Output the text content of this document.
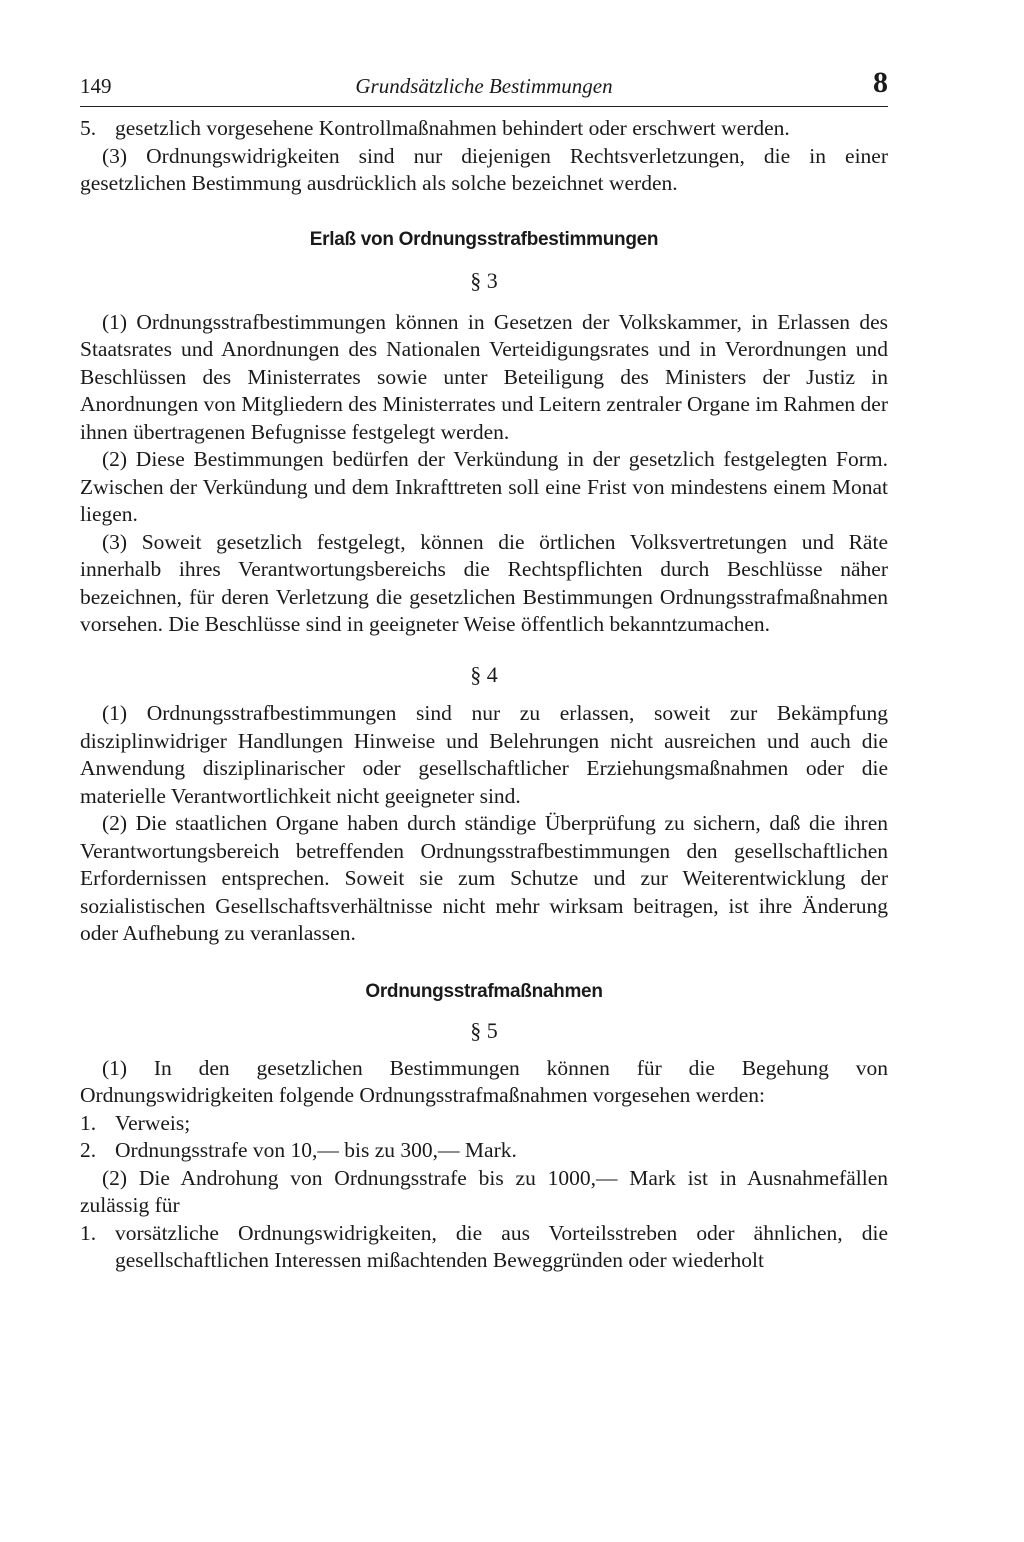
149	Grundsätzliche Bestimmungen	8

5. gesetzlich vorgesehene Kontrollmaßnahmen behindert oder erschwert werden.

(3) Ordnungswidrigkeiten sind nur diejenigen Rechtsverletzungen, die in einer gesetzlichen Bestimmung ausdrücklich als solche bezeichnet werden.

Erlaß von Ordnungsstrafbestimmungen
§ 3

(1) Ordnungsstrafbestimmungen können in Gesetzen der Volkskammer, in Erlassen des Staatsrates und Anordnungen des Nationalen Verteidigungsrates und in Verordnungen und Beschlüssen des Ministerrates sowie unter Beteiligung des Ministers der Justiz in Anordnungen von Mitgliedern des Ministerrates und Leitern zentraler Organe im Rahmen der ihnen übertragenen Befugnisse festgelegt werden.

(2) Diese Bestimmungen bedürfen der Verkündung in der gesetzlich festgelegten Form. Zwischen der Verkündung und dem Inkrafttreten soll eine Frist von mindestens einem Monat liegen.

(3) Soweit gesetzlich festgelegt, können die örtlichen Volksvertretungen und Räte innerhalb ihres Verantwortungsbereichs die Rechtspflichten durch Beschlüsse näher bezeichnen, für deren Verletzung die gesetzlichen Bestimmungen Ordnungsstrafmaßnahmen vorsehen. Die Beschlüsse sind in geeigneter Weise öffentlich bekanntzumachen.

§ 4

(1) Ordnungsstrafbestimmungen sind nur zu erlassen, soweit zur Bekämpfung disziplinwidriger Handlungen Hinweise und Belehrungen nicht ausreichen und auch die Anwendung disziplinarischer oder gesellschaftlicher Erziehungsmaßnahmen oder die materielle Verantwortlichkeit nicht geeigneter sind.

(2) Die staatlichen Organe haben durch ständige Überprüfung zu sichern, daß die ihren Verantwortungsbereich betreffenden Ordnungsstrafbestimmungen den gesellschaftlichen Erfordernissen entsprechen. Soweit sie zum Schutze und zur Weiterentwicklung der sozialistischen Gesellschaftsverhältnisse nicht mehr wirksam beitragen, ist ihre Änderung oder Aufhebung zu veranlassen.

Ordnungsstrafmaßnahmen
§ 5

(1) In den gesetzlichen Bestimmungen können für die Begehung von Ordnungswidrigkeiten folgende Ordnungsstrafmaßnahmen vorgesehen werden:

1. Verweis;

2. Ordnungsstrafe von 10,— bis zu 300,— Mark.

(2) Die Androhung von Ordnungsstrafe bis zu 1000,— Mark ist in Ausnahmefällen zulässig für

1. vorsätzliche Ordnungswidrigkeiten, die aus Vorteilsstreben oder ähnlichen, die gesellschaftlichen Interessen mißachtenden Beweggründen oder wiederholt
